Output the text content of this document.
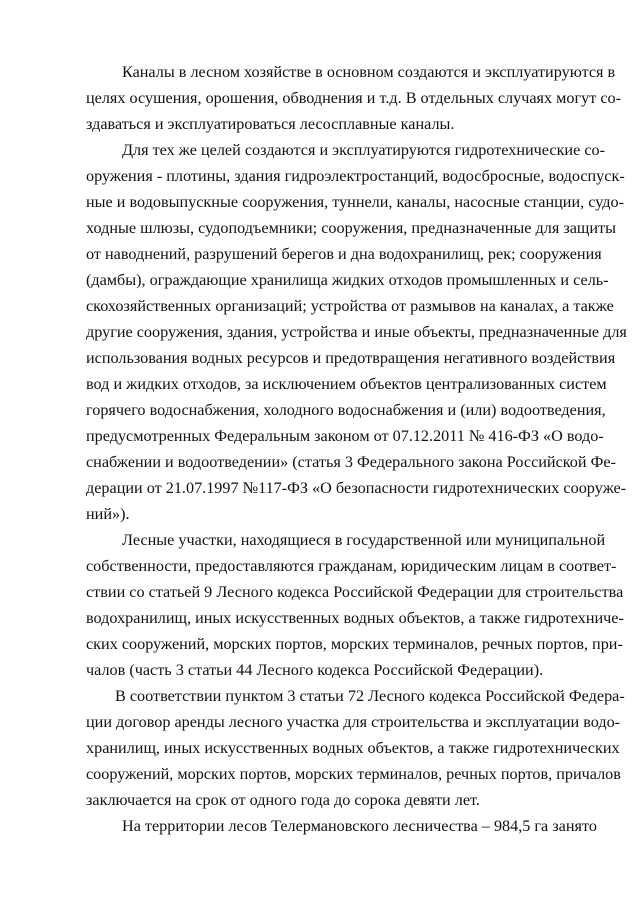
Каналы в лесном хозяйстве в основном создаются и эксплуатируются в

целях осушения, орошения, обводнения и т.д. В отдельных случаях могут со-

здаваться и эксплуатироваться лесосплавные каналы.

Для тех же целей создаются и эксплуатируются гидротехнические со-

оружения - плотины, здания гидроэлектростанций, водосбросные, водоспуск-

ные и водовыпускные сооружения, туннели, каналы, насосные станции, судо-

ходные шлюзы, судоподъемники; сооружения, предназначенные для защиты

от наводнений, разрушений берегов и дна водохранилищ, рек; сооружения

(дамбы), ограждающие хранилища жидких отходов промышленных и сель-

скохозяйственных организаций; устройства от размывов на каналах, а также

другие сооружения, здания, устройства и иные объекты, предназначенные для

использования водных ресурсов и предотвращения негативного воздействия

вод и жидких отходов, за исключением объектов централизованных систем

горячего водоснабжения, холодного водоснабжения и (или) водоотведения,

предусмотренных Федеральным законом от 07.12.2011 № 416-ФЗ «О водо-

снабжении и водоотведении» (статья 3 Федерального закона Российской Фе-

дерации от 21.07.1997 №117-ФЗ «О безопасности гидротехнических сооруже-

ний»).

Лесные участки, находящиеся в государственной или муниципальной

собственности, предоставляются гражданам, юридическим лицам в соответ-

ствии со статьей 9 Лесного кодекса Российской Федерации для строительства

водохранилищ, иных искусственных водных объектов, а также гидротехниче-

ских сооружений, морских портов, морских терминалов, речных портов, при-

чалов (часть 3 статьи 44 Лесного кодекса Российской Федерации).

В соответствии пунктом 3 статьи 72 Лесного кодекса Российской Федера-

ции договор аренды лесного участка для строительства и эксплуатации водо-

хранилищ, иных искусственных водных объектов, а также гидротехнических

сооружений, морских портов, морских терминалов, речных портов, причалов

заключается на срок от одного года до сорока девяти лет.

На территории лесов Телермановского лесничества – 984,5 га занято
